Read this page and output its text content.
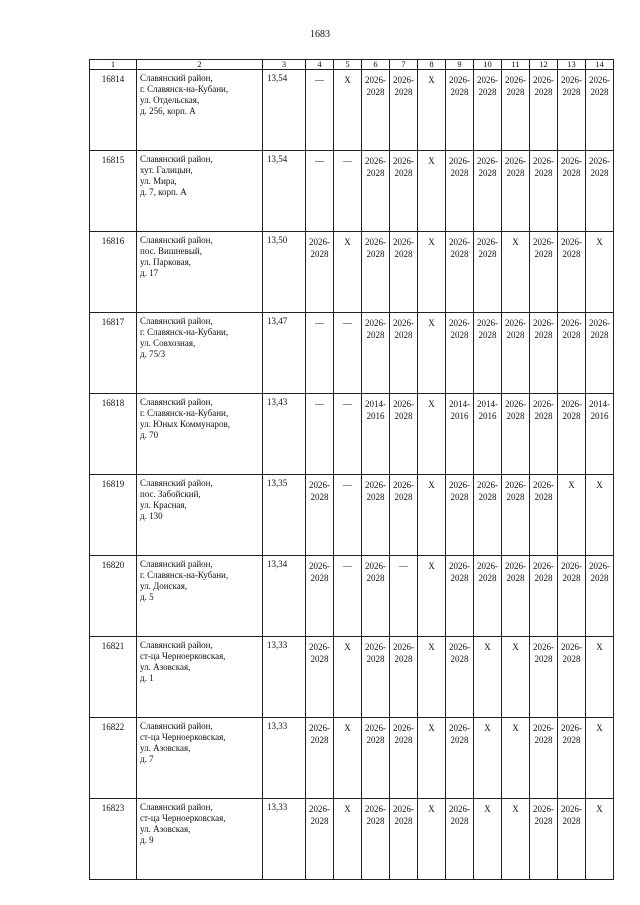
1683
1	2	3	4	5	6	7	8	9	10	11	12	13	14
16814	Славянский район,
г. Славянск-на-Кубани,
ул. Отдельская,
д. 256, корп. А	13,54	—	X	2026-
2028	2026-
2028	X	2026-
2028	2026-
2028	2026-
2028	2026-
2028	2026-
2028	2026-
2028
16815	Славянский район,
хут. Галицын,
ул. Мира,
д. 7, корп. А	13,54	—	—	2026-
2028	2026-
2028	X	2026-
2028	2026-
2028	2026-
2028	2026-
2028	2026-
2028	2026-
2028
16816	Славянский район,
пос. Вишневый,
ул. Парковая,
д. 17	13,50	2026-
2028	X	2026-
2028	2026-
2028	X	2026-
2028	2026-
2028	X	2026-
2028	2026-
2028	X
16817	Славянский район,
г. Славянск-на-Кубани,
ул. Совхозная,
д. 75/3	13,47	—	—	2026-
2028	2026-
2028	X	2026-
2028	2026-
2028	2026-
2028	2026-
2028	2026-
2028	2026-
2028
16818	Славянский район,
г. Славянск-на-Кубани,
ул. Юных Коммунаров,
д. 70	13,43	—	—	2014-
2016	2026-
2028	X	2014-
2016	2014-
2016	2026-
2028	2026-
2028	2026-
2028	2014-
2016
16819	Славянский район,
пос. Забойский,
ул. Красная,
д. 130	13,35	2026-
2028	—	2026-
2028	2026-
2028	X	2026-
2028	2026-
2028	2026-
2028	2026-
2028	X	X
16820	Славянский район,
г. Славянск-на-Кубани,
ул. Донская,
д. 5	13,34	2026-
2028	—	2026-
2028	—	X	2026-
2028	2026-
2028	2026-
2028	2026-
2028	2026-
2028	2026-
2028
16821	Славянский район,
ст-ца Черноерковская,
ул. Азовская,
д. 1	13,33	2026-
2028	X	2026-
2028	2026-
2028	X	2026-
2028	X	X	2026-
2028	2026-
2028	X
16822	Славянский район,
ст-ца Черноерковская,
ул. Азовская,
д. 7	13,33	2026-
2028	X	2026-
2028	2026-
2028	X	2026-
2028	X	X	2026-
2028	2026-
2028	X
16823	Славянский район,
ст-ца Черноерковская,
ул. Азовская,
д. 9	13,33	2026-
2028	X	2026-
2028	2026-
2028	X	2026-
2028	X	X	2026-
2028	2026-
2028	X
